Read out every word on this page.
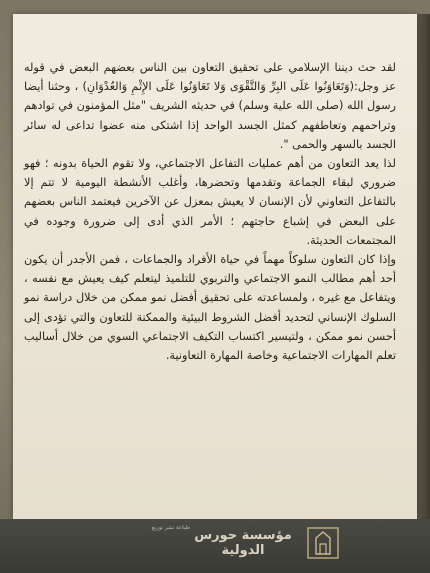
لقد حث ديننا الإسلامي على تحقيق التعاون بين الناس بعضهم البعض في قوله عز وجل:(وَتَعَاوَنُوا عَلَى البِرِّ وَالتَّقْوَى وَلا تَعَاوَنُوا عَلَى الإِثْمِ وَالعُدْوَانِ) ، وحثنا أيضا رسول الله (صلى الله علية وسلم) في حديثه الشريف "مثل المؤمنون في توادهم وتراحمهم وتعاطفهم كمثل الجسد الواحد إذا اشتكى منه عضوا تداعى له سائر الجسد بالسهر والحمى ".

لذا يعد التعاون من أهم عمليات التفاعل الاجتماعي، ولا تقوم الحياة بدونه ؛ فهو ضروري لبقاء الجماعة وتقدمها وتحضرها، وأغلب الأنشطة اليومية لا تتم إلا بالتفاعل التعاوني لأن الإنسان لا يعيش بمعزل عن الآخرين فيعتمد الناس بعضهم على البعض في إشباع حاجتهم ؛ الأمر الذي أدى إلى ضرورة وجوده في المجتمعات الحديثة.

وإذا كان التعاون سلوكاً مهماً في حياة الأفراد والجماعات ، فمن الأجدر أن يكون أحد أهم مطالب النمو الاجتماعي والتربوي للتلميذ ليتعلم كيف يعيش مع نفسه ، ويتفاعل مع غيره ، ولمساعدته على تحقيق أفضل نمو ممكن من خلال دراسة نمو السلوك الإنساني لتحديد أفضل الشروط البيئية والممكنة للتعاون والتي تؤدى إلى أحسن نمو ممكن ، ولتيسير اكتساب التكيف الاجتماعي السوي من خلال أساليب تعلم المهارات الاجتماعية وخاصة المهارة التعاونية.

مؤسسة حورس الدولية
طباعة نشر توزيع
